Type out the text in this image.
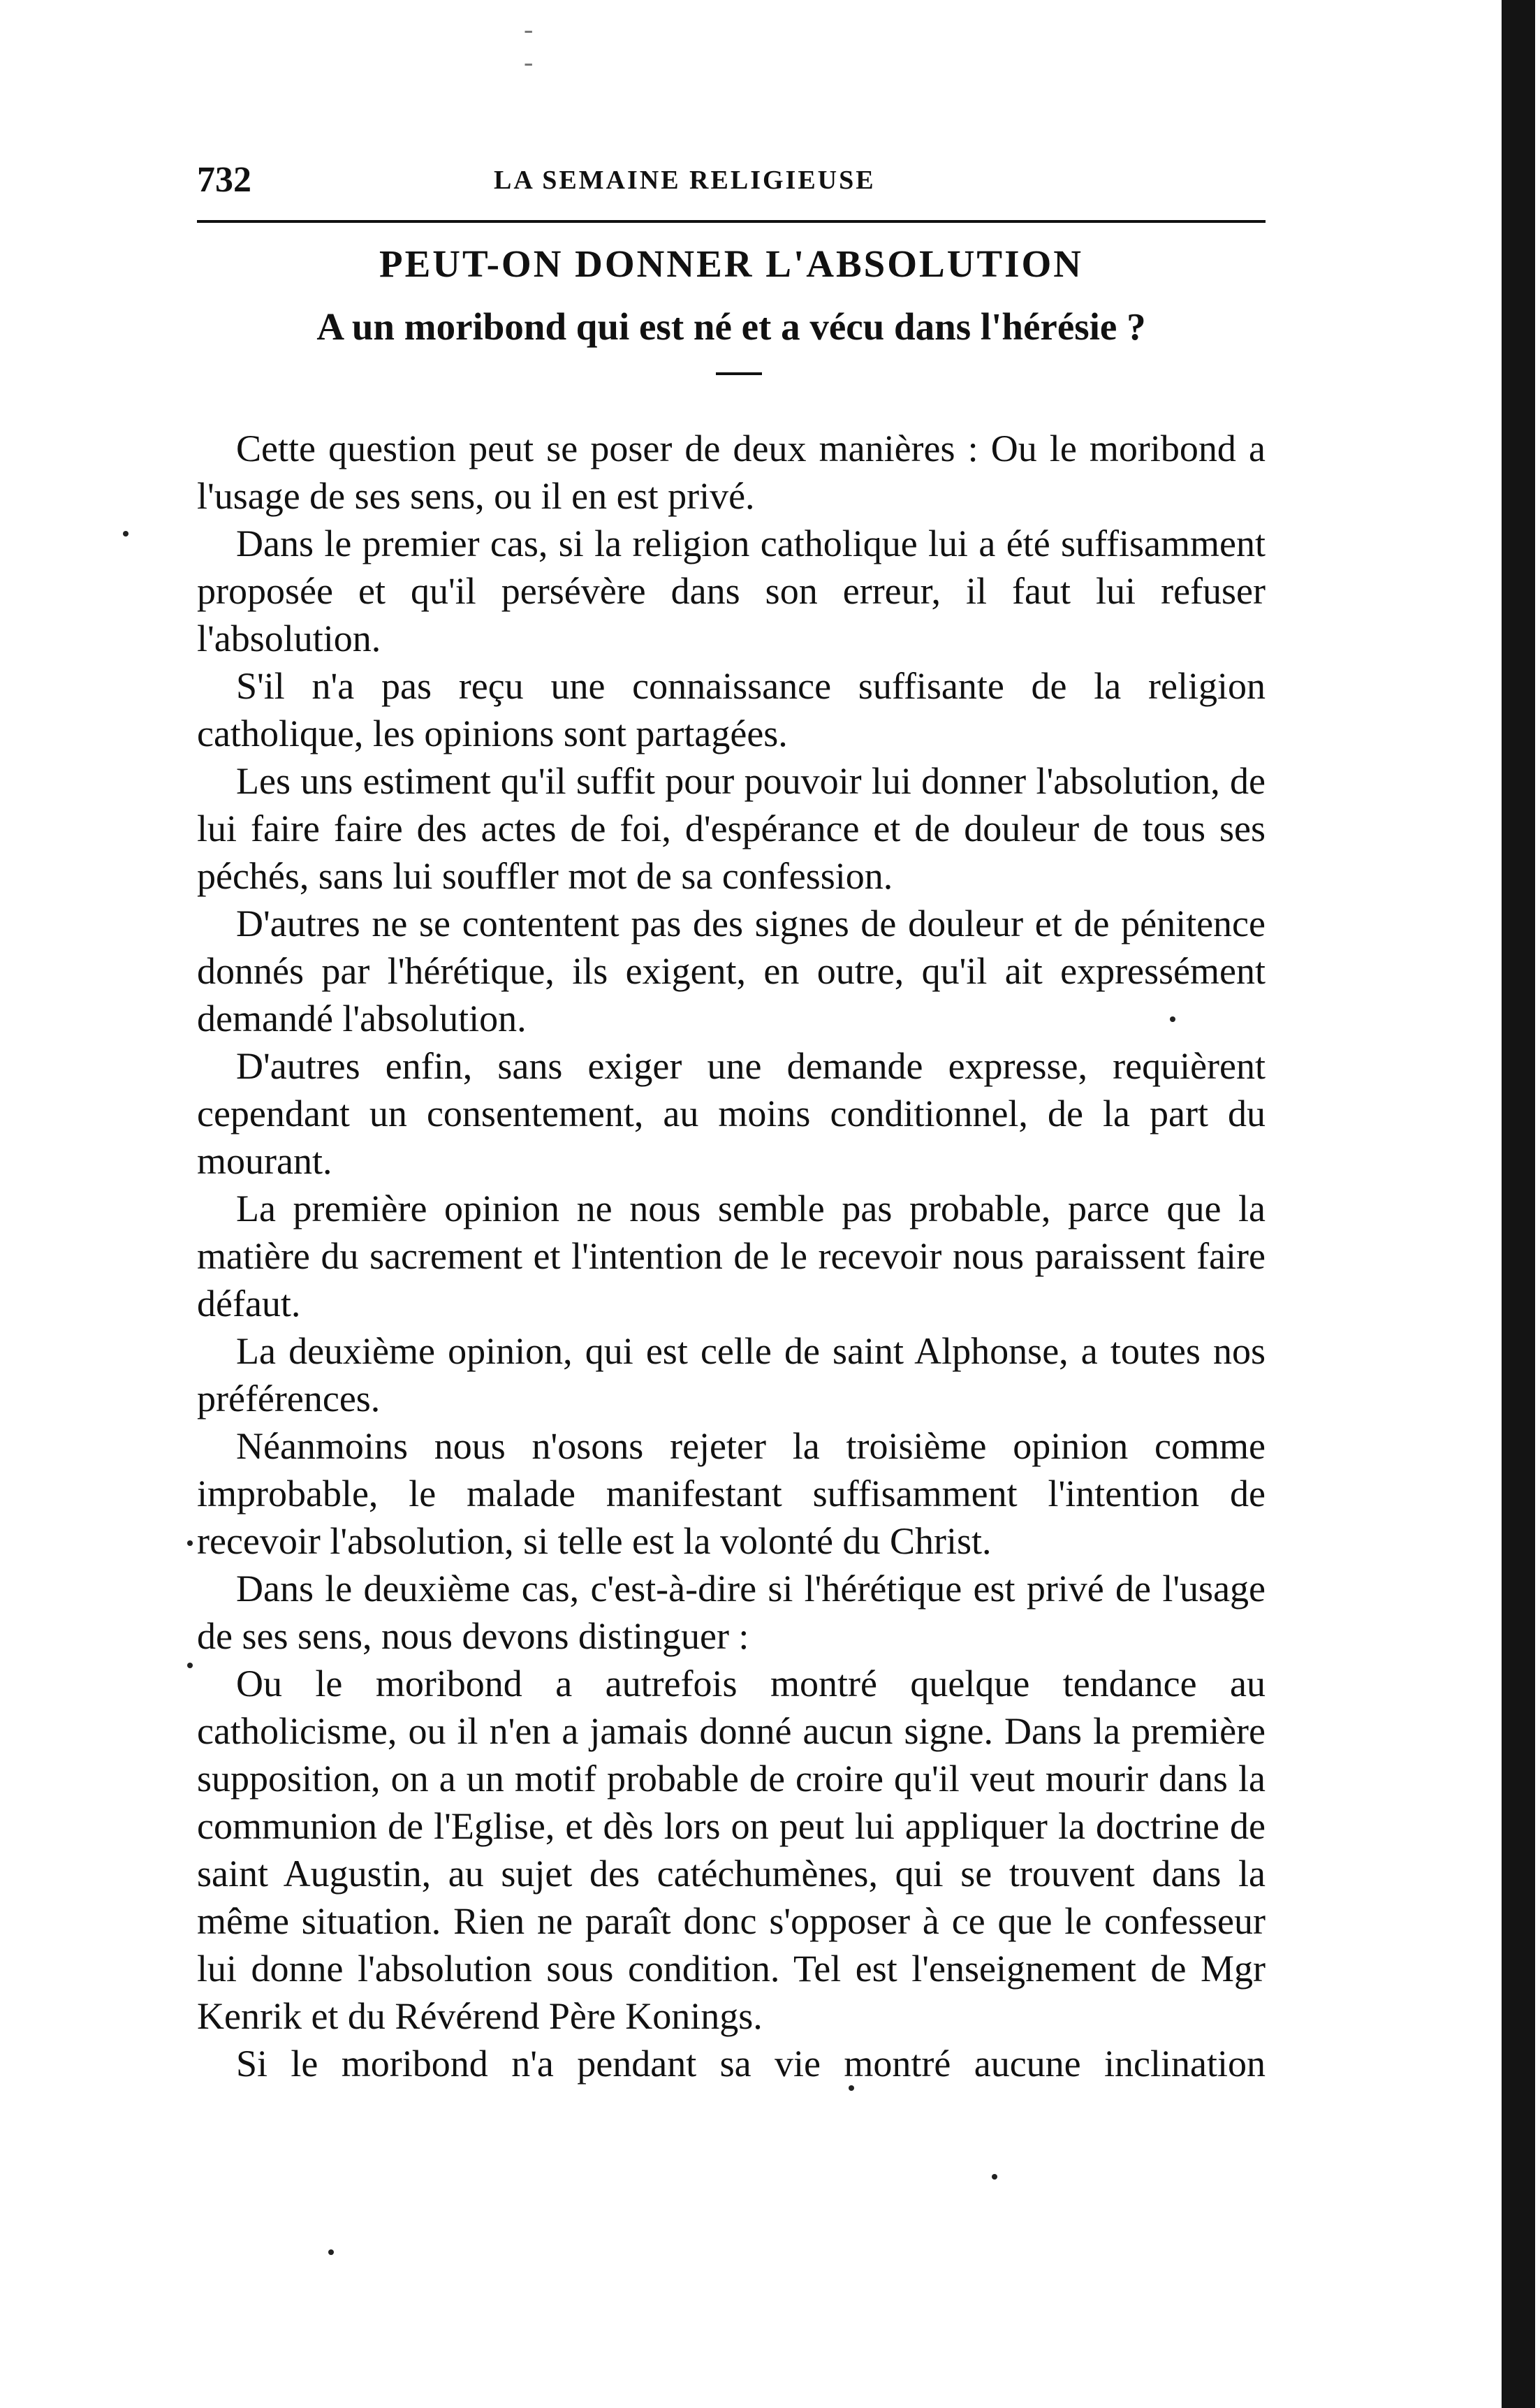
- -
732	LA SEMAINE RELIGIEUSE
PEUT-ON DONNER L'ABSOLUTION
A un moribond qui est né et a vécu dans l'hérésie ?

Cette question peut se poser de deux manières : Ou le moribond a l'usage de ses sens, ou il en est privé.

Dans le premier cas, si la religion catholique lui a été suffisamment proposée et qu'il persévère dans son erreur, il faut lui refuser l'absolution.

S'il n'a pas reçu une connaissance suffisante de la religion catholique, les opinions sont partagées.

Les uns estiment qu'il suffit pour pouvoir lui donner l'absolution, de lui faire faire des actes de foi, d'espérance et de douleur de tous ses péchés, sans lui souffler mot de sa confession.

D'autres ne se contentent pas des signes de douleur et de pénitence donnés par l'hérétique, ils exigent, en outre, qu'il ait expressément demandé l'absolution.

D'autres enfin, sans exiger une demande expresse, requièrent cependant un consentement, au moins conditionnel, de la part du mourant.

La première opinion ne nous semble pas probable, parce que la matière du sacrement et l'intention de le recevoir nous paraissent faire défaut.

La deuxième opinion, qui est celle de saint Alphonse, a toutes nos préférences.

Néanmoins nous n'osons rejeter la troisième opinion comme improbable, le malade manifestant suffisamment l'intention de recevoir l'absolution, si telle est la volonté du Christ.

Dans le deuxième cas, c'est-à-dire si l'hérétique est privé de l'usage de ses sens, nous devons distinguer :

Ou le moribond a autrefois montré quelque tendance au catholicisme, ou il n'en a jamais donné aucun signe. Dans la première supposition, on a un motif probable de croire qu'il veut mourir dans la communion de l'Eglise, et dès lors on peut lui appliquer la doctrine de saint Augustin, au sujet des catéchumènes, qui se trouvent dans la même situation. Rien ne paraît donc s'opposer à ce que le confesseur lui donne l'absolution sous condition. Tel est l'enseignement de Mgr Kenrik et du Révérend Père Konings.

Si le moribond n'a pendant sa vie montré aucune inclination
